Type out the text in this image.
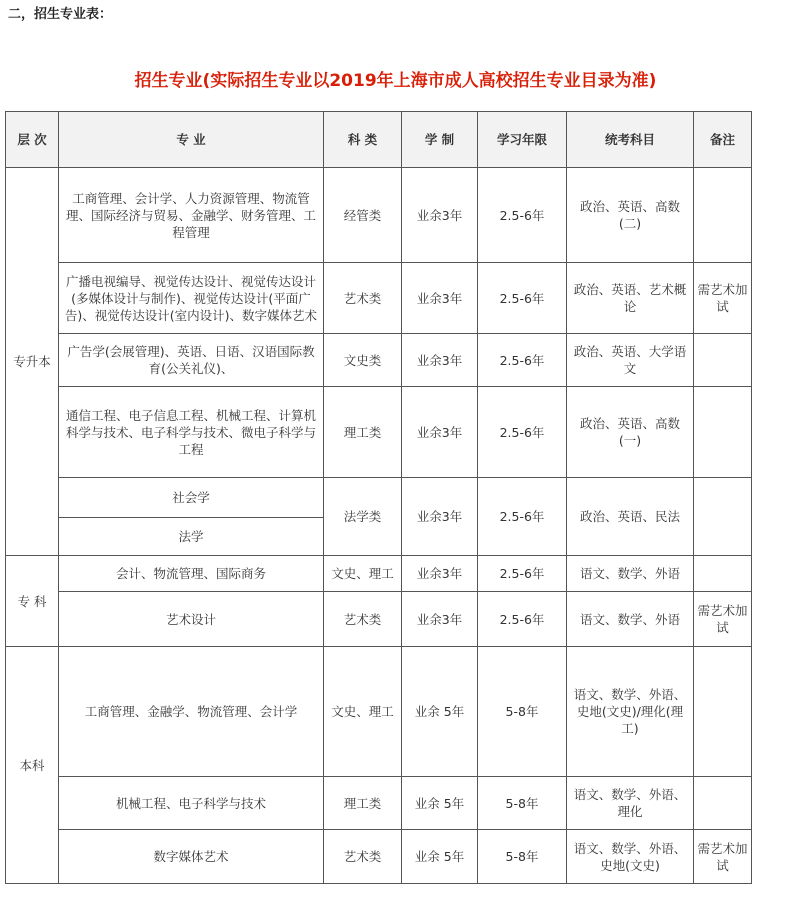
二，招生专业表：
招生专业(实际招生专业以2019年上海市成人高校招生专业目录为准)
层 次	专 业	科 类	学 制	学习年限	统考科目	备注
专升本	工商管理、会计学、人力资源管理、物流管理、国际经济与贸易、金融学、财务管理、工程管理	经管类	业余3年	2.5-6年	政治、英语、高数(二)	
	广播电视编导、视觉传达设计、视觉传达设计(多媒体设计与制作)、视觉传达设计(平面广告)、视觉传达设计(室内设计)、数字媒体艺术	艺术类	业余3年	2.5-6年	政治、英语、艺术概论	需艺术加试
	广告学(会展管理)、英语、日语、汉语国际教育(公关礼仪)、	文史类	业余3年	2.5-6年	政治、英语、大学语文	
	通信工程、电子信息工程、机械工程、计算机科学与技术、电子科学与技术、微电子科学与工程	理工类	业余3年	2.5-6年	政治、英语、高数(一)	
	社会学	法学类	业余3年	2.5-6年	政治、英语、民法	
	法学					
专 科	会计、物流管理、国际商务	文史、理工	业余3年	2.5-6年	语文、数学、外语	
	艺术设计	艺术类	业余3年	2.5-6年	语文、数学、外语	需艺术加试
本科	工商管理、金融学、物流管理、会计学	文史、理工	业余 5年	5-8年	语文、数学、外语、史地(文史)/理化(理工)	
	机械工程、电子科学与技术	理工类	业余 5年	5-8年	语文、数学、外语、理化	
	数字媒体艺术	艺术类	业余 5年	5-8年	语文、数学、外语、史地(文史)	需艺术加试
